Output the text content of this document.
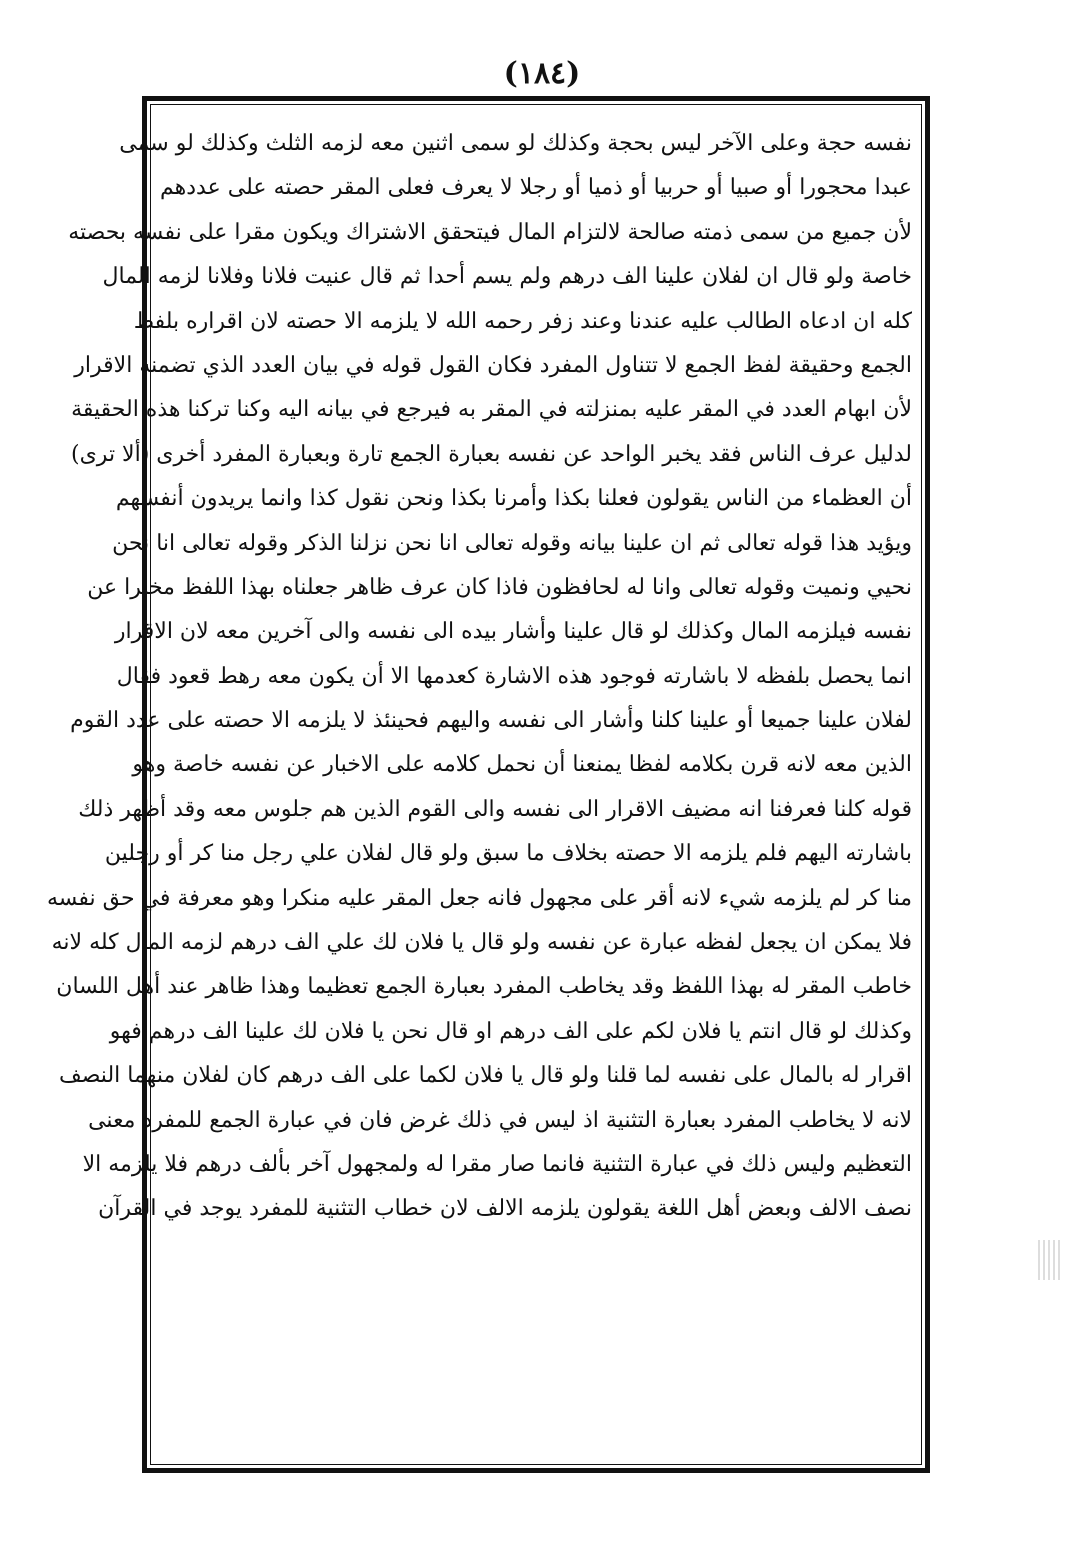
(١٨٤)
نفسه حجة وعلى الآخر ليس بحجة وكذلك لو سمى اثنين معه لزمه الثلث وكذلك لو سمى
عبدا محجورا أو صبيا أو حربيا أو ذميا أو رجلا لا يعرف فعلى المقر حصته على عددهم
لأن جميع من سمى ذمته صالحة لالتزام المال فيتحقق الاشتراك ويكون مقرا على نفسه بحصته
خاصة ولو قال ان لفلان علينا الف درهم ولم يسم أحدا ثم قال عنيت فلانا وفلانا لزمه المال
كله ان ادعاه الطالب عليه عندنا وعند زفر رحمه الله لا يلزمه الا حصته لان اقراره بلفظ
الجمع وحقيقة لفظ الجمع لا تتناول المفرد فكان القول قوله في بيان العدد الذي تضمنه الاقرار
لأن ابهام العدد في المقر عليه بمنزلته في المقر به فيرجع في بيانه اليه وكنا تركنا هذه الحقيقة
لدليل عرف الناس فقد يخبر الواحد عن نفسه بعبارة الجمع تارة وبعبارة المفرد أخرى (ألا ترى)
أن العظماء من الناس يقولون فعلنا بكذا وأمرنا بكذا ونحن نقول كذا وانما يريدون أنفسهم
ويؤيد هذا قوله تعالى ثم ان علينا بيانه وقوله تعالى انا نحن نزلنا الذكر وقوله تعالى انا نحن
نحيي ونميت وقوله تعالى وانا له لحافظون فاذا كان عرف ظاهر جعلناه بهذا اللفظ مخبرا عن
نفسه فيلزمه المال وكذلك لو قال علينا وأشار بيده الى نفسه والى آخرين معه لان الاقرار
انما يحصل بلفظه لا باشارته فوجود هذه الاشارة كعدمها الا أن يكون معه رهط قعود فقال
لفلان علينا جميعا أو علينا كلنا وأشار الى نفسه واليهم فحينئذ لا يلزمه الا حصته على عدد القوم
الذين معه لانه قرن بكلامه لفظا يمنعنا أن نحمل كلامه على الاخبار عن نفسه خاصة وهو
قوله كلنا فعرفنا انه مضيف الاقرار الى نفسه والى القوم الذين هم جلوس معه وقد أظهر ذلك
باشارته اليهم فلم يلزمه الا حصته بخلاف ما سبق ولو قال لفلان علي رجل منا كر أو رجلين
منا كر لم يلزمه شيء لانه أقر على مجهول فانه جعل المقر عليه منكرا وهو معرفة في حق نفسه
فلا يمكن ان يجعل لفظه عبارة عن نفسه ولو قال يا فلان لك علي الف درهم لزمه المال كله لانه
خاطب المقر له بهذا اللفظ وقد يخاطب المفرد بعبارة الجمع تعظيما وهذا ظاهر عند أهل اللسان
وكذلك لو قال انتم يا فلان لكم على الف درهم او قال نحن يا فلان لك علينا الف درهم فهو
اقرار له بالمال على نفسه لما قلنا ولو قال يا فلان لكما على الف درهم كان لفلان منهما النصف
لانه لا يخاطب المفرد بعبارة التثنية اذ ليس في ذلك غرض فان في عبارة الجمع للمفرد معنى
التعظيم وليس ذلك في عبارة التثنية فانما صار مقرا له ولمجهول آخر بألف درهم فلا يلزمه الا
نصف الالف وبعض أهل اللغة يقولون يلزمه الالف لان خطاب التثنية للمفرد يوجد في القرآن
